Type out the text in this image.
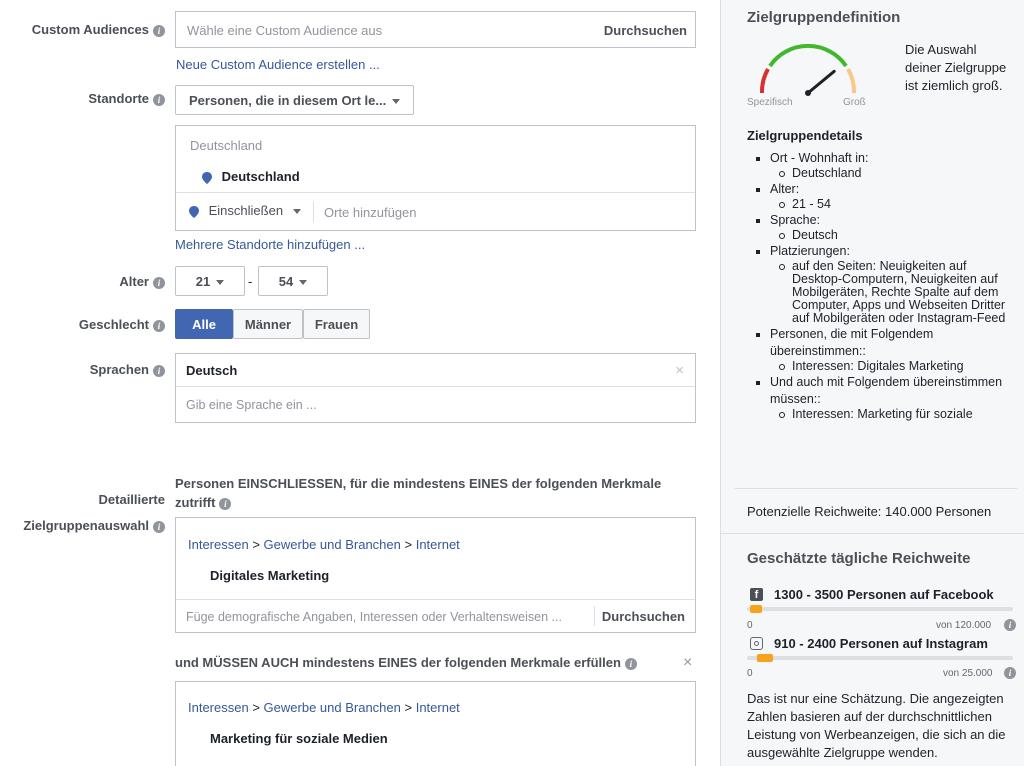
Custom Audiences i	Wähle eine Custom Audience aus	Durchsuchen
Neue Custom Audience erstellen ...
Standorte i	Personen, die in diesem Ort le...
Deutschland
Deutschland
Einschließen	Orte hinzufügen
Mehrere Standorte hinzufügen ...
Alter i	21	-	54
Geschlecht i	Alle	Männer	Frauen
Sprachen i	Deutsch	×
Gib eine Sprache ein ...
Detaillierte
Zielgruppenauswahl i
Personen EINSCHLIESSEN, für die mindestens EINES der folgenden Merkmale
zutrifft i
Interessen > Gewerbe und Branchen > Internet
Digitales Marketing
Füge demografische Angaben, Interessen oder Verhaltensweisen ...	Durchsuchen
und MÜSSEN AUCH mindestens EINES der folgenden Merkmale erfüllen i	×
Interessen > Gewerbe und Branchen > Internet
Marketing für soziale Medien
Zielgruppendefinition
Spezifisch	Groß
Die Auswahl deiner Zielgruppe ist ziemlich groß.
Zielgruppendetails
Ort - Wohnhaft in:
Deutschland
Alter:
21 - 54
Sprache:
Deutsch
Platzierungen:
auf den Seiten: Neuigkeiten auf Desktop-Computern, Neuigkeiten auf Mobilgeräten, Rechte Spalte auf dem Computer, Apps und Webseiten Dritter auf Mobilgeräten oder Instagram-Feed
Personen, die mit Folgendem übereinstimmen::
Interessen: Digitales Marketing
Und auch mit Folgendem übereinstimmen müssen::
Interessen: Marketing für soziale
Potenzielle Reichweite: 140.000 Personen
Geschätzte tägliche Reichweite
f	1300 - 3500 Personen auf Facebook
0	von 120.000	i
910 - 2400 Personen auf Instagram
0	von 25.000	i
Das ist nur eine Schätzung. Die angezeigten Zahlen basieren auf der durchschnittlichen Leistung von Werbeanzeigen, die sich an die ausgewählte Zielgruppe wenden.
